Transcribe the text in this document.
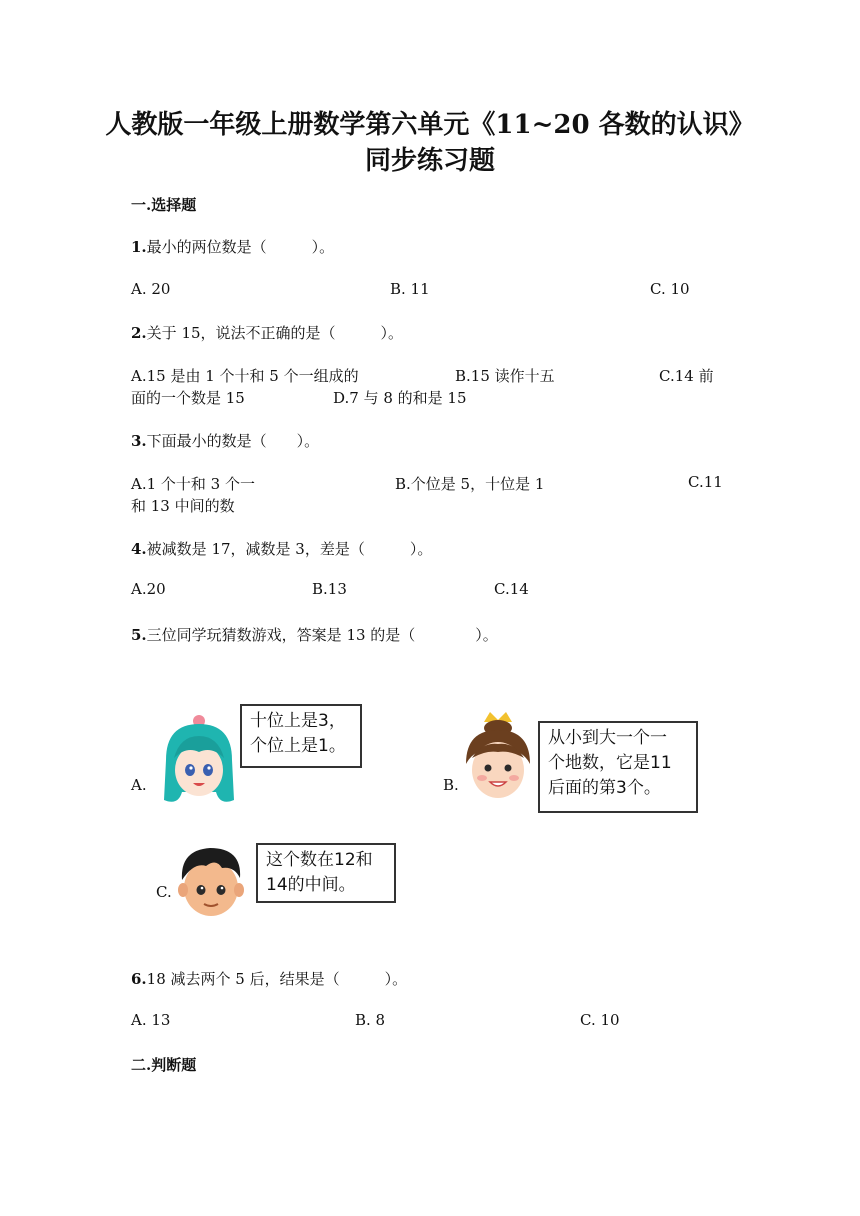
人教版一年级上册数学第六单元《11~20 各数的认识》
同步练习题
一.选择题
1.最小的两位数是（　　　）。
A. 20	B. 11	C. 10
2.关于 15，说法不正确的是（　　　）。
A.15 是由 1 个十和 5 个一组成的	B.15 读作十五	C.14 前
面的一个数是 15	D.7 与 8 的和是 15
3.下面最小的数是（　　）。
A.1 个十和 3 个一	B.个位是 5，十位是 1	C.11
和 13 中间的数
4.被减数是 17，减数是 3，差是（　　　）。
A.20	B.13	C.14
5.三位同学玩猜数游戏，答案是 13 的是（　　　　）。
A.
十位上是3，
个位上是1。
B.
从小到大一个一
个地数，它是11
后面的第3个。
C.
这个数在12和
14的中间。
6.18 减去两个 5 后，结果是（　　　）。
A. 13	B. 8	C. 10
二.判断题
